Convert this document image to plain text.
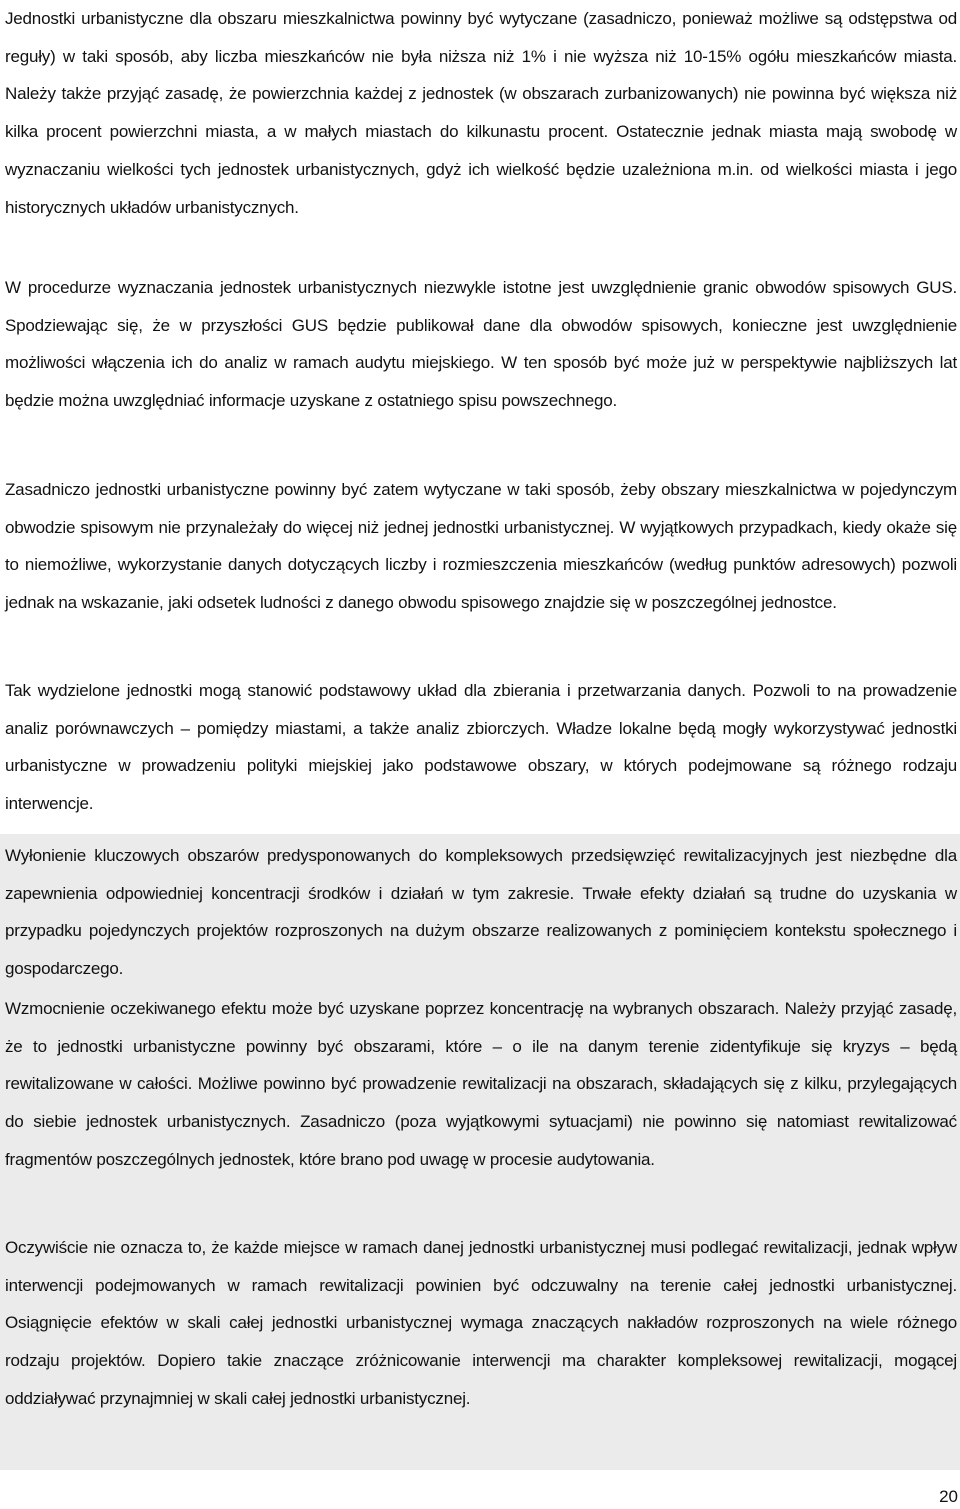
Jednostki urbanistyczne dla obszaru mieszkalnictwa powinny być wytyczane (zasadniczo, ponieważ możliwe są odstępstwa od reguły) w taki sposób, aby liczba mieszkańców nie była niższa niż 1% i nie wyższa niż 10-15% ogółu mieszkańców miasta. Należy także przyjąć zasadę, że powierzchnia każdej z jednostek (w obszarach zurbanizowanych) nie powinna być większa niż kilka procent powierzchni miasta, a w małych miastach do kilkunastu procent. Ostatecznie jednak miasta mają swobodę w wyznaczaniu wielkości tych jednostek urbanistycznych, gdyż ich wielkość będzie uzależniona m.in. od wielkości miasta i jego historycznych układów urbanistycznych.

W procedurze wyznaczania jednostek urbanistycznych niezwykle istotne jest uwzględnienie granic obwodów spisowych GUS. Spodziewając się, że w przyszłości GUS będzie publikował dane dla obwodów spisowych, konieczne jest uwzględnienie możliwości włączenia ich do analiz w ramach audytu miejskiego. W ten sposób być może już w perspektywie najbliższych lat będzie można uwzględniać informacje uzyskane z ostatniego spisu powszechnego.

Zasadniczo jednostki urbanistyczne powinny być zatem wytyczane w taki sposób, żeby obszary mieszkalnictwa w pojedynczym obwodzie spisowym nie przynależały do więcej niż jednej jednostki urbanistycznej. W wyjątkowych przypadkach, kiedy okaże się to niemożliwe, wykorzystanie danych dotyczących liczby i rozmieszczenia mieszkańców (według punktów adresowych) pozwoli jednak na wskazanie, jaki odsetek ludności z danego obwodu spisowego znajdzie się w poszczególnej jednostce.

Tak wydzielone jednostki mogą stanowić podstawowy układ dla zbierania i przetwarzania danych. Pozwoli to na prowadzenie analiz porównawczych – pomiędzy miastami, a także analiz zbiorczych. Władze lokalne będą mogły wykorzystywać jednostki urbanistyczne w prowadzeniu polityki miejskiej jako podstawowe obszary, w których podejmowane są różnego rodzaju interwencje.

Wyłonienie kluczowych obszarów predysponowanych do kompleksowych przedsięwzięć rewitalizacyjnych jest niezbędne dla zapewnienia odpowiedniej koncentracji środków i działań w tym zakresie. Trwałe efekty działań są trudne do uzyskania w przypadku pojedynczych projektów rozproszonych na dużym obszarze realizowanych z pominięciem kontekstu społecznego i gospodarczego.

Wzmocnienie oczekiwanego efektu może być uzyskane poprzez koncentrację na wybranych obszarach. Należy przyjąć zasadę, że to jednostki urbanistyczne powinny być obszarami, które – o ile na danym terenie zidentyfikuje się kryzys – będą rewitalizowane w całości. Możliwe powinno być prowadzenie rewitalizacji na obszarach, składających się z kilku, przylegających do siebie jednostek urbanistycznych. Zasadniczo (poza wyjątkowymi sytuacjami) nie powinno się natomiast rewitalizować fragmentów poszczególnych jednostek, które brano pod uwagę w procesie audytowania.

Oczywiście nie oznacza to, że każde miejsce w ramach danej jednostki urbanistycznej musi podlegać rewitalizacji, jednak wpływ interwencji podejmowanych w ramach rewitalizacji powinien być odczuwalny na terenie całej jednostki urbanistycznej. Osiągnięcie efektów w skali całej jednostki urbanistycznej wymaga znaczących nakładów rozproszonych na wiele różnego rodzaju projektów. Dopiero takie znaczące zróżnicowanie interwencji ma charakter kompleksowej rewitalizacji, mogącej oddziaływać przynajmniej w skali całej jednostki urbanistycznej.

20
